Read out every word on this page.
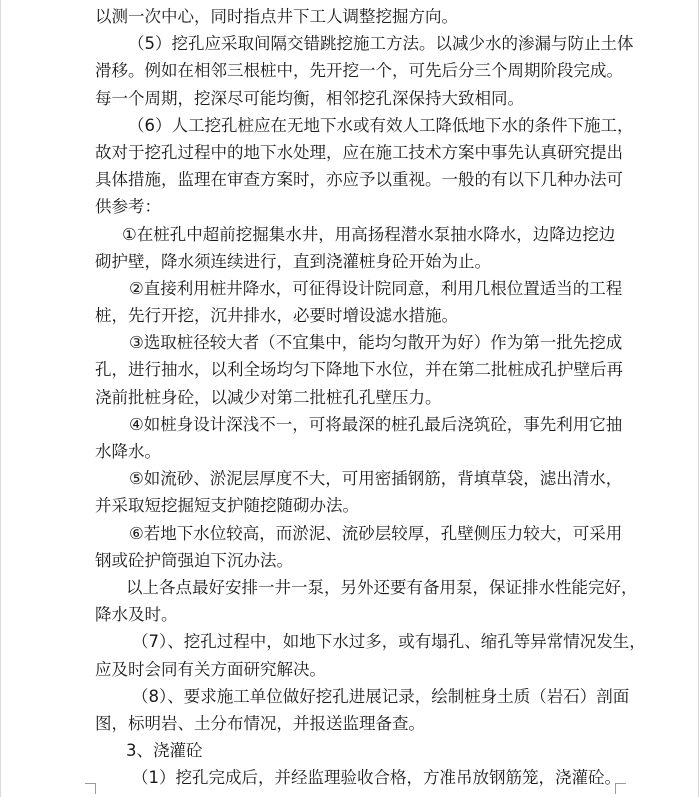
以测一次中心，同时指点井下工人调整挖掘方向。
（5）挖孔应采取间隔交错跳挖施工方法。以减少水的渗漏与防止土体
滑移。例如在相邻三根桩中，先开挖一个，可先后分三个周期阶段完成。
每一个周期，挖深尽可能均衡，相邻挖孔深保持大致相同。
（6）人工挖孔桩应在无地下水或有效人工降低地下水的条件下施工，
故对于挖孔过程中的地下水处理，应在施工技术方案中事先认真研究提出
具体措施，监理在审查方案时，亦应予以重视。一般的有以下几种办法可
供参考：
①在桩孔中超前挖掘集水井，用高扬程潜水泵抽水降水，边降边挖边
砌护壁，降水须连续进行，直到浇灌桩身砼开始为止。
②直接利用桩井降水，可征得设计院同意，利用几根位置适当的工程
桩，先行开挖，沉井排水，必要时增设滤水措施。
③选取桩径较大者（不宜集中，能均匀散开为好）作为第一批先挖成
孔，进行抽水，以利全场均匀下降地下水位，并在第二批桩成孔护壁后再
浇前批桩身砼，以减少对第二批桩孔孔壁压力。
④如桩身设计深浅不一，可将最深的桩孔最后浇筑砼，事先利用它抽
水降水。
⑤如流砂、淤泥层厚度不大，可用密插钢筋，背填草袋，滤出清水，
并采取短挖掘短支护随挖随砌办法。
⑥若地下水位较高，而淤泥、流砂层较厚，孔壁侧压力较大，可采用
钢或砼护筒强迫下沉办法。
以上各点最好安排一井一泵，另外还要有备用泵，保证排水性能完好，
降水及时。
（7）、挖孔过程中，如地下水过多，或有塌孔、缩孔等异常情况发生，
应及时会同有关方面研究解决。
（8）、要求施工单位做好挖孔进展记录，绘制桩身土质（岩石）剖面
图，标明岩、土分布情况，并报送监理备查。
3、浇灌砼
（1）挖孔完成后，并经监理验收合格，方准吊放钢筋笼，浇灌砼。
